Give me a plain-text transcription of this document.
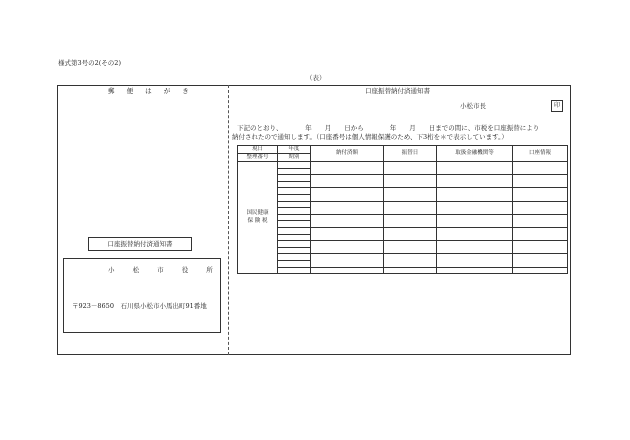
様式第3号の2(その2)
（表）
郵 便 は が き
口座振替納付済通知書
小 松 市 役 所
〒923－8650　石川県小松市小馬出町91番地
口座振替納付済通知書
小松市長	印
下記のとおり、　　　　年　　月　　日から　　　　年　　月　　日までの間に、市税を口座振替により
納付されたので通知します。（口座番号は個人情報保護のため、下3桁を＊で表示しています。）
現日	年度	納付済額	振替日	取扱金融機関等	口座情報
整理番号	期別				

国民健康
保 険 税					
